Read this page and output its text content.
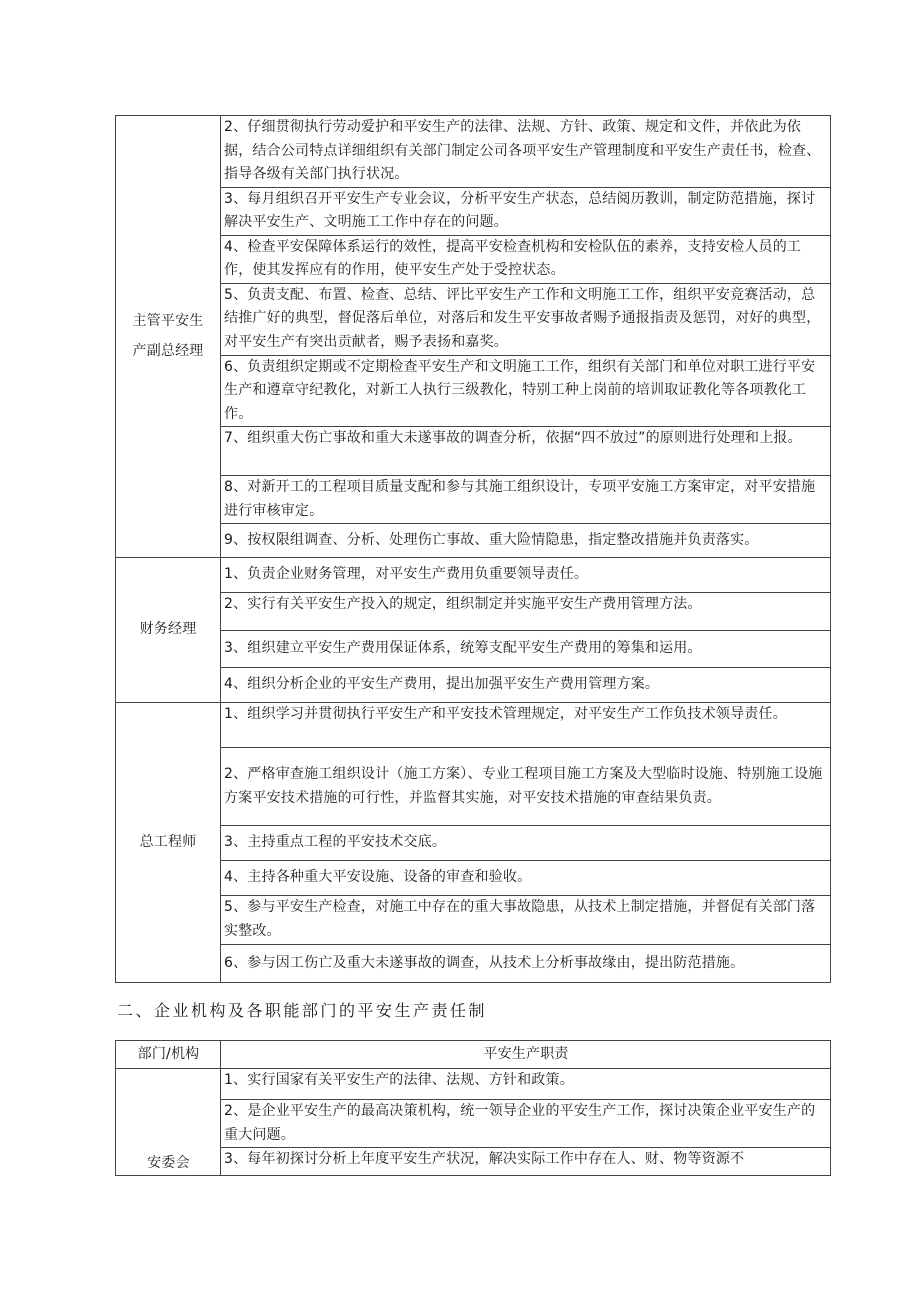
主管平安生
产副总经理	2、仔细贯彻执行劳动爱护和平安生产的法律、法规、方针、政策、规定和文件，并依此为依据，结合公司特点详细组织有关部门制定公司各项平安生产管理制度和平安生产责任书，检查、指导各级有关部门执行状况。
	3、每月组织召开平安生产专业会议，分析平安生产状态，总结阅历教训，制定防范措施，探讨解决平安生产、文明施工工作中存在的问题。
	4、检查平安保障体系运行的效性，提高平安检查机构和安检队伍的素养，支持安检人员的工作，使其发挥应有的作用，使平安生产处于受控状态。
	5、负责支配、布置、检查、总结、评比平安生产工作和文明施工工作，组织平安竞赛活动，总结推广好的典型，督促落后单位，对落后和发生平安事故者赐予通报指责及惩罚，对好的典型，对平安生产有突出贡献者，赐予表扬和嘉奖。
	6、负责组织定期或不定期检查平安生产和文明施工工作，组织有关部门和单位对职工进行平安生产和遵章守纪教化，对新工人执行三级教化，特别工种上岗前的培训取证教化等各项教化工作。
	7、组织重大伤亡事故和重大未遂事故的调查分析，依据“四不放过”的原则进行处理和上报。
	8、对新开工的工程项目质量支配和参与其施工组织设计，专项平安施工方案审定，对平安措施进行审核审定。
	9、按权限组调查、分析、处理伤亡事故、重大险情隐患，指定整改措施并负责落实。
财务经理	1、负责企业财务管理，对平安生产费用负重要领导责任。
	2、实行有关平安生产投入的规定，组织制定并实施平安生产费用管理方法。
	3、组织建立平安生产费用保证体系，统筹支配平安生产费用的筹集和运用。
	4、组织分析企业的平安生产费用，提出加强平安生产费用管理方案。
总工程师	1、组织学习并贯彻执行平安生产和平安技术管理规定，对平安生产工作负技术领导责任。
	2、严格审查施工组织设计（施工方案）、专业工程项目施工方案及大型临时设施、特别施工设施方案平安技术措施的可行性，并监督其实施，对平安技术措施的审查结果负责。
	3、主持重点工程的平安技术交底。
	4、主持各种重大平安设施、设备的审查和验收。
	5、参与平安生产检查，对施工中存在的重大事故隐患，从技术上制定措施，并督促有关部门落实整改。
	6、参与因工伤亡及重大未遂事故的调查，从技术上分析事故缘由，提出防范措施。
二、企业机构及各职能部门的平安生产责任制
部门/机构	平安生产职责
安委会	1、实行国家有关平安生产的法律、法规、方针和政策。
	2、是企业平安生产的最高决策机构，统一领导企业的平安生产工作，探讨决策企业平安生产的重大问题。
	3、每年初探讨分析上年度平安生产状况，解决实际工作中存在人、财、物等资源不
